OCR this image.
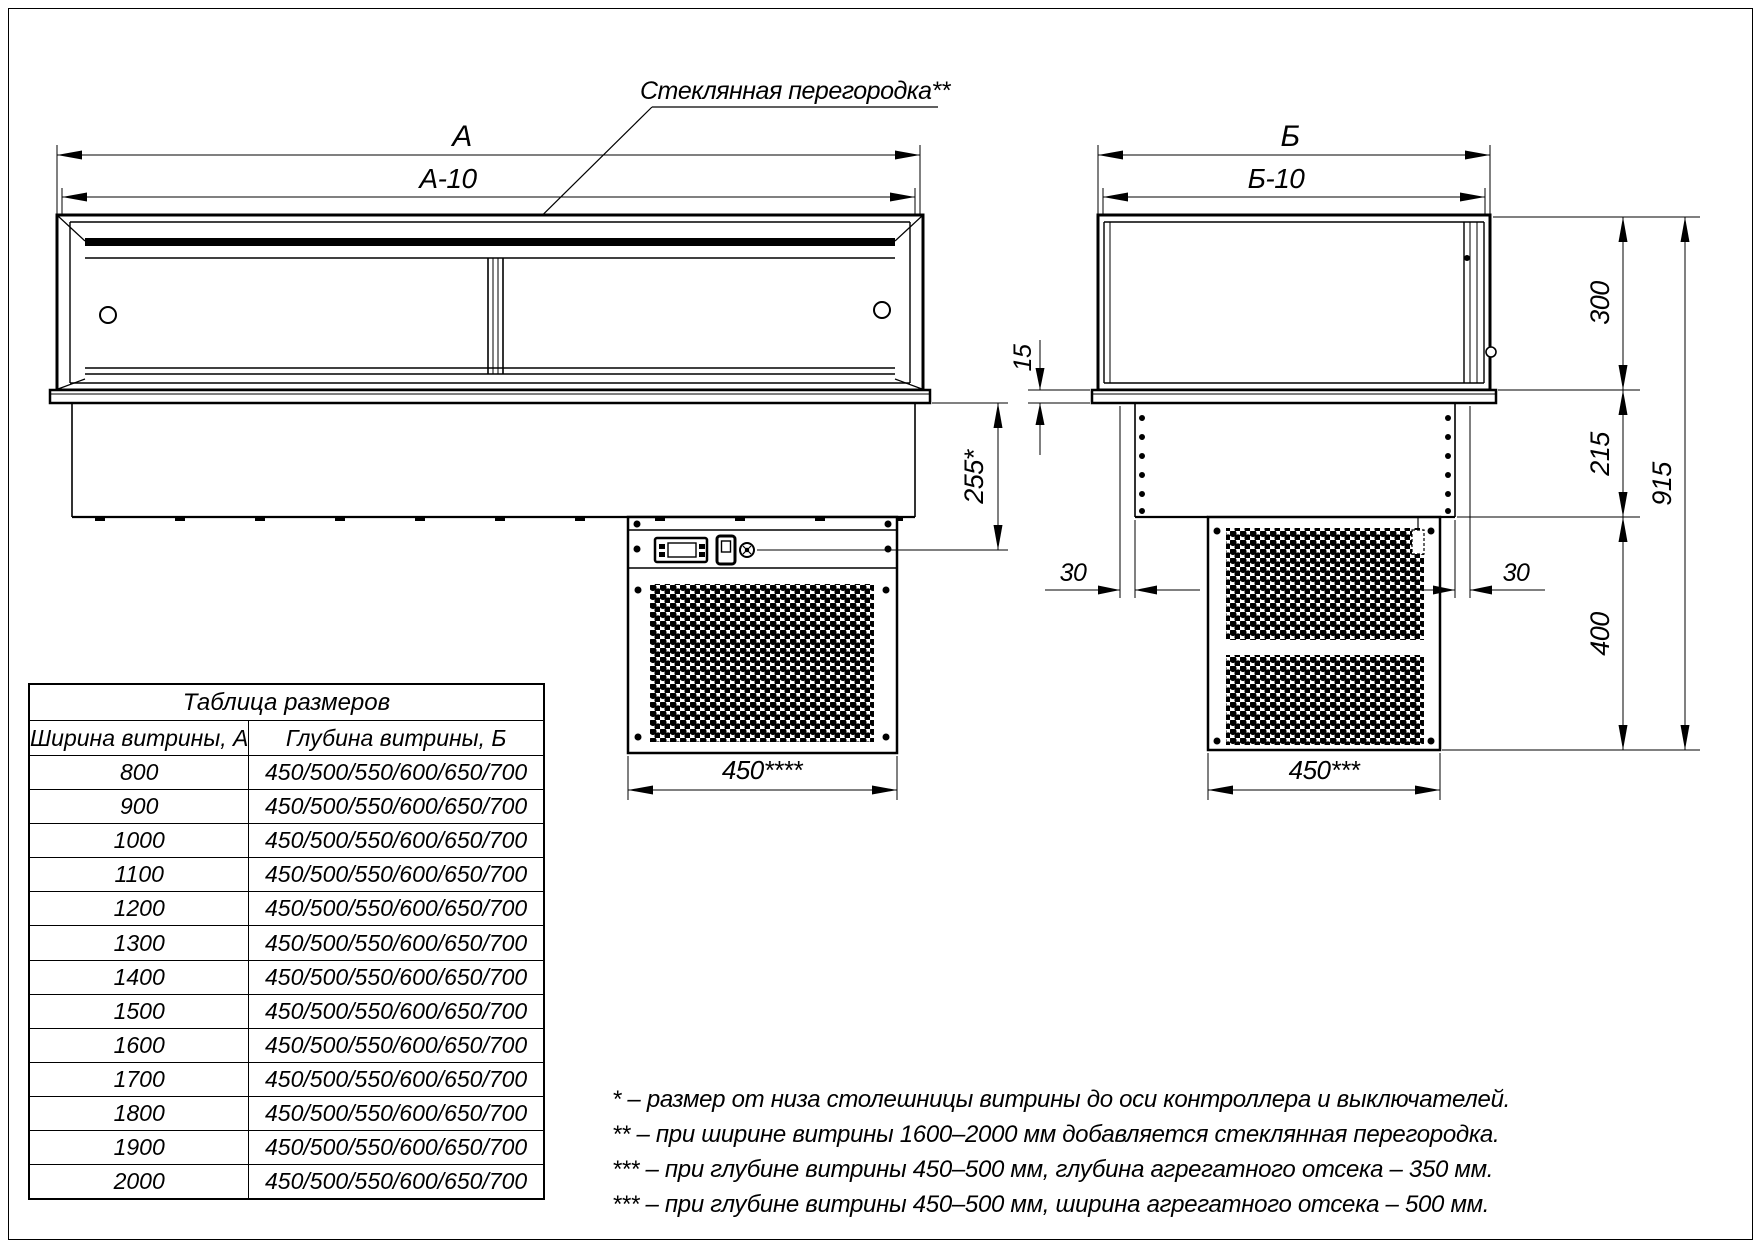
А
А-10
Стеклянная перегородка**
255*
450****
Б
Б-10
15
30	30
300
215
400
915
450***
Таблица размеров	
Ширина витрины, А	Глубина витрины, Б
800	450/500/550/600/650/700
900	450/500/550/600/650/700
1000	450/500/550/600/650/700
1100	450/500/550/600/650/700
1200	450/500/550/600/650/700
1300	450/500/550/600/650/700
1400	450/500/550/600/650/700
1500	450/500/550/600/650/700
1600	450/500/550/600/650/700
1700	450/500/550/600/650/700
1800	450/500/550/600/650/700
1900	450/500/550/600/650/700
2000	450/500/550/600/650/700
* – размер от низа столешницы витрины до оси контроллера и выключателей.
** – при ширине витрины 1600–2000 мм добавляется стеклянная перегородка.
*** – при глубине витрины 450–500 мм, глубина агрегатного отсека – 350 мм.
*** – при глубине витрины 450–500 мм, ширина агрегатного отсека – 500 мм.
